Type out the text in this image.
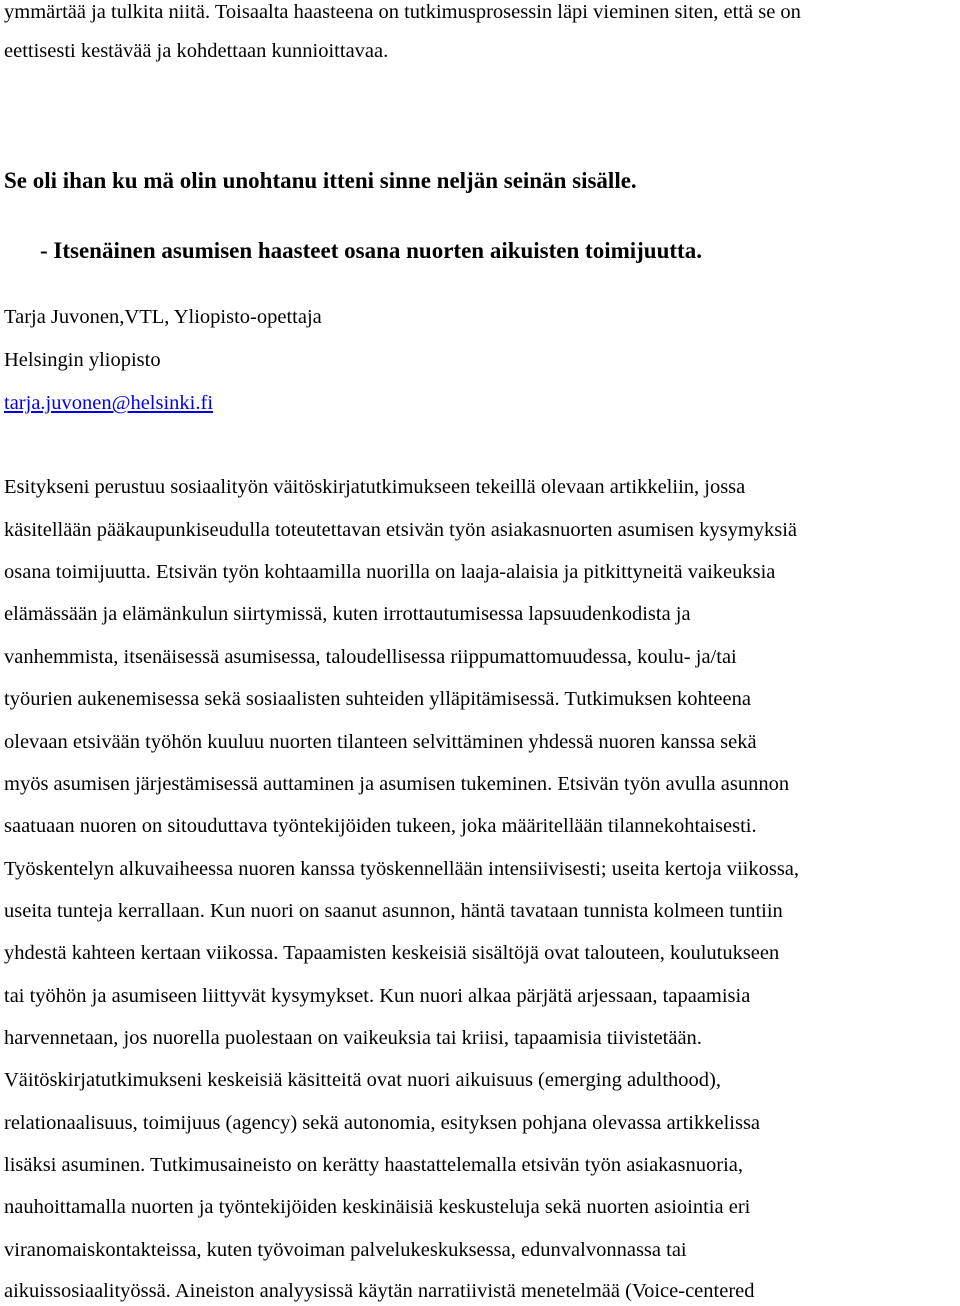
ymmärtää ja tulkita niitä. Toisaalta haasteena on tutkimusprosessin läpi vieminen siten, että se on
eettisesti kestävää ja kohdettaan kunnioittavaa.
Se oli ihan ku mä olin unohtanu itteni sinne neljän seinän sisälle.
- Itsenäinen asumisen haasteet osana nuorten aikuisten toimijuutta.
Tarja Juvonen,VTL, Yliopisto-opettaja
Helsingin yliopisto
tarja.juvonen@helsinki.fi
Esitykseni perustuu sosiaalityön väitöskirjatutkimukseen tekeillä olevaan artikkeliin, jossa
käsitellään pääkaupunkiseudulla toteutettavan etsivän työn asiakasnuorten asumisen kysymyksiä
osana toimijuutta. Etsivän työn kohtaamilla nuorilla on laaja-alaisia ja pitkittyneitä vaikeuksia
elämässään ja elämänkulun siirtymissä, kuten irrottautumisessa lapsuudenkodista ja
vanhemmista, itsenäisessä asumisessa, taloudellisessa riippumattomuudessa, koulu- ja/tai
työurien aukenemisessa sekä sosiaalisten suhteiden ylläpitämisessä. Tutkimuksen kohteena
olevaan etsivään työhön kuuluu nuorten tilanteen selvittäminen yhdessä nuoren kanssa sekä
myös asumisen järjestämisessä auttaminen ja asumisen tukeminen. Etsivän työn avulla asunnon
saatuaan nuoren on sitouduttava työntekijöiden tukeen, joka määritellään tilannekohtaisesti.
Työskentelyn alkuvaiheessa nuoren kanssa työskennellään intensiivisesti; useita kertoja viikossa,
useita tunteja kerrallaan. Kun nuori on saanut asunnon, häntä tavataan tunnista kolmeen tuntiin
yhdestä kahteen kertaan viikossa. Tapaamisten keskeisiä sisältöjä ovat talouteen, koulutukseen
tai työhön ja asumiseen liittyvät kysymykset. Kun nuori alkaa pärjätä arjessaan, tapaamisia
harvennetaan, jos nuorella puolestaan on vaikeuksia tai kriisi, tapaamisia tiivistetään.
Väitöskirjatutkimukseni keskeisiä käsitteitä ovat nuori aikuisuus (emerging adulthood),
relationaalisuus, toimijuus (agency) sekä autonomia, esityksen pohjana olevassa artikkelissa
lisäksi asuminen. Tutkimusaineisto on kerätty haastattelemalla etsivän työn asiakasnuoria,
nauhoittamalla nuorten ja työntekijöiden keskinäisiä keskusteluja sekä nuorten asiointia eri
viranomaiskontakteissa, kuten työvoiman palvelukeskuksessa, edunvalvonnassa tai
aikuissosiaalityössä. Aineiston analyysissä käytän narratiivistä menetelmää (Voice-centered
